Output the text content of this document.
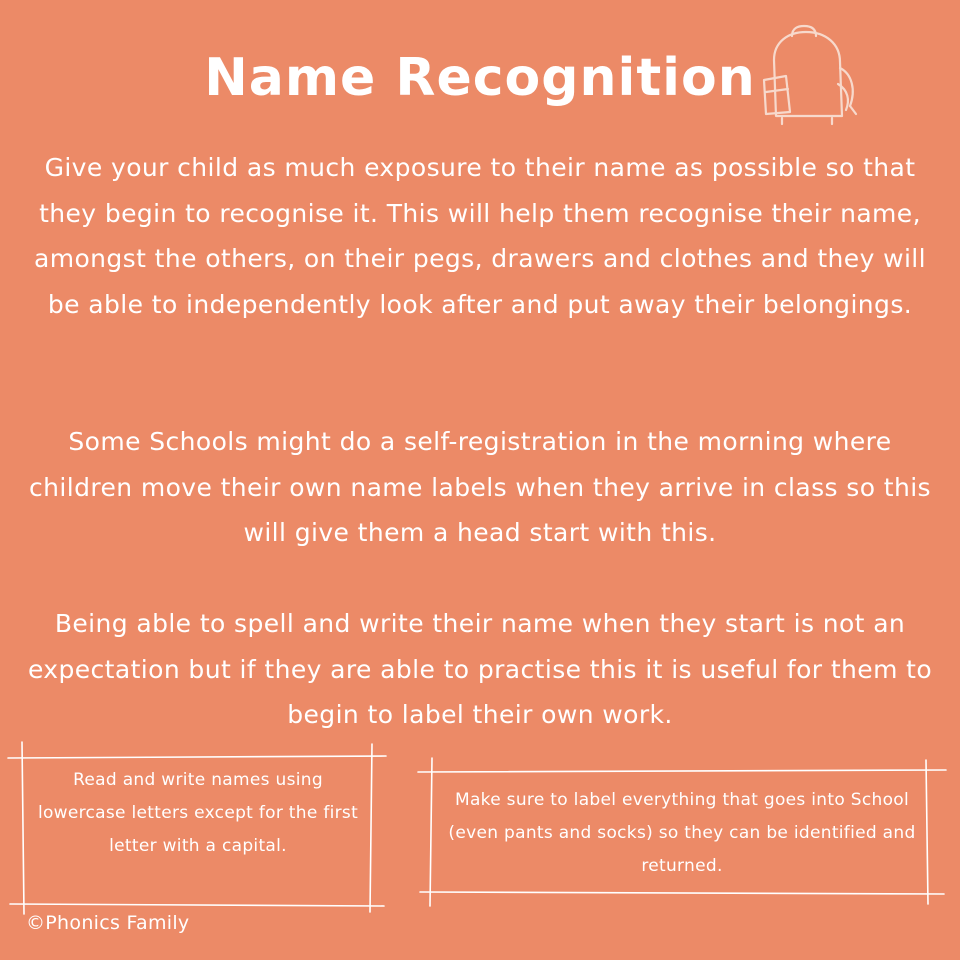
Name Recognition

Give your child as much exposure to their name as possible so that they begin to recognise it. This will help them recognise their name, amongst the others, on their pegs, drawers and clothes and they will be able to independently look after and put away their belongings.

Some Schools might do a self-registration in the morning where children move their own name labels when they arrive in class so this will give them a head start with this.

Being able to spell and write their name when they start is not an expectation but if they are able to practise this it is useful for them to begin to label their own work.

Read and write names using lowercase letters except for the first letter with a capital.

Make sure to label everything that goes into School (even pants and socks) so they can be identified and returned.

©Phonics Family
